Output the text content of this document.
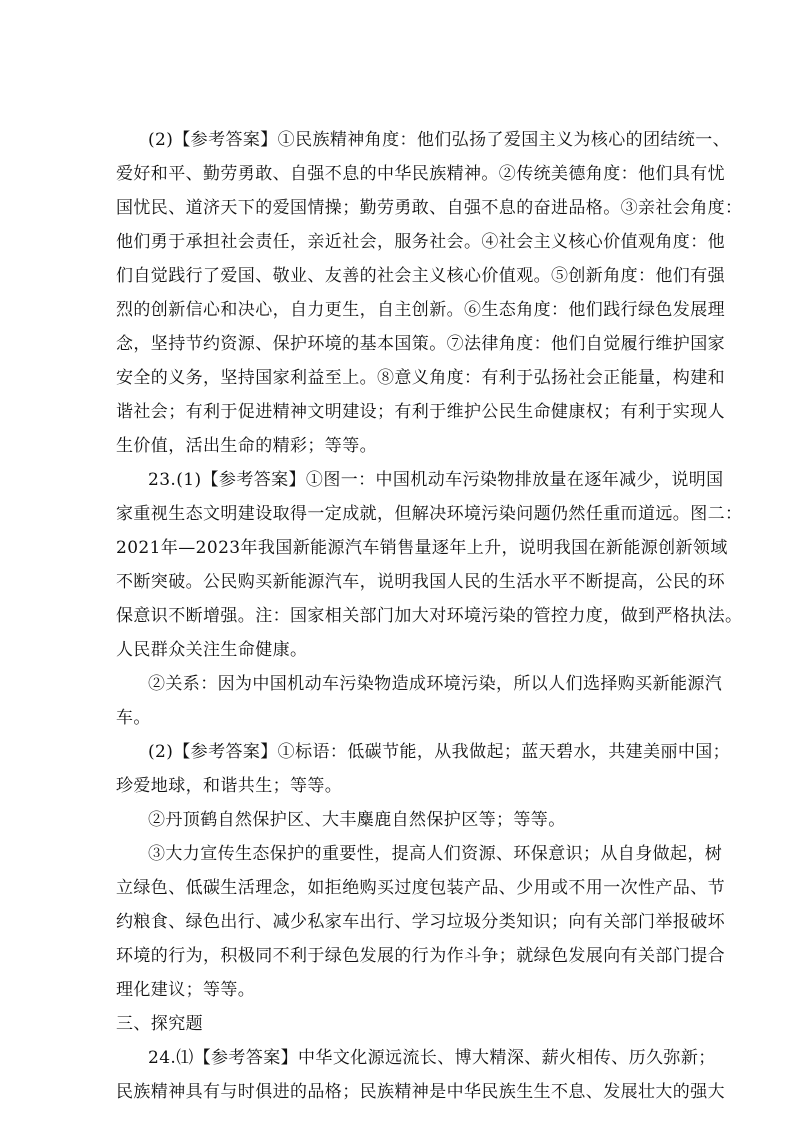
(2)【参考答案】①民族精神角度：他们弘扬了爱国主义为核心的团结统一、
爱好和平、勤劳勇敢、自强不息的中华民族精神。②传统美德角度：他们具有忧
国忧民、道济天下的爱国情操；勤劳勇敢、自强不息的奋进品格。③亲社会角度：
他们勇于承担社会责任，亲近社会，服务社会。④社会主义核心价值观角度：他
们自觉践行了爱国、敬业、友善的社会主义核心价值观。⑤创新角度：他们有强
烈的创新信心和决心，自力更生，自主创新。⑥生态角度：他们践行绿色发展理
念，坚持节约资源、保护环境的基本国策。⑦法律角度：他们自觉履行维护国家
安全的义务，坚持国家利益至上。⑧意义角度：有利于弘扬社会正能量，构建和
谐社会；有利于促进精神文明建设；有利于维护公民生命健康权；有利于实现人
生价值，活出生命的精彩；等等。
23.(1)【参考答案】①图一：中国机动车污染物排放量在逐年减少，说明国
家重视生态文明建设取得一定成就，但解决环境污染问题仍然任重而道远。图二：
2021年—2023年我国新能源汽车销售量逐年上升，说明我国在新能源创新领域
不断突破。公民购买新能源汽车，说明我国人民的生活水平不断提高，公民的环
保意识不断增强。注：国家相关部门加大对环境污染的管控力度，做到严格执法。
人民群众关注生命健康。
②关系：因为中国机动车污染物造成环境污染，所以人们选择购买新能源汽
车。
(2)【参考答案】①标语：低碳节能，从我做起；蓝天碧水，共建美丽中国；
珍爱地球，和谐共生；等等。
②丹顶鹤自然保护区、大丰麋鹿自然保护区等；等等。
③大力宣传生态保护的重要性，提高人们资源、环保意识；从自身做起，树
立绿色、低碳生活理念，如拒绝购买过度包装产品、少用或不用一次性产品、节
约粮食、绿色出行、减少私家车出行、学习垃圾分类知识；向有关部门举报破坏
环境的行为，积极同不利于绿色发展的行为作斗争；就绿色发展向有关部门提合
理化建议；等等。
三、探究题
24.⑴【参考答案】中华文化源远流长、博大精深、薪火相传、历久弥新；
民族精神具有与时俱进的品格；民族精神是中华民族生生不息、发展壮大的强大
